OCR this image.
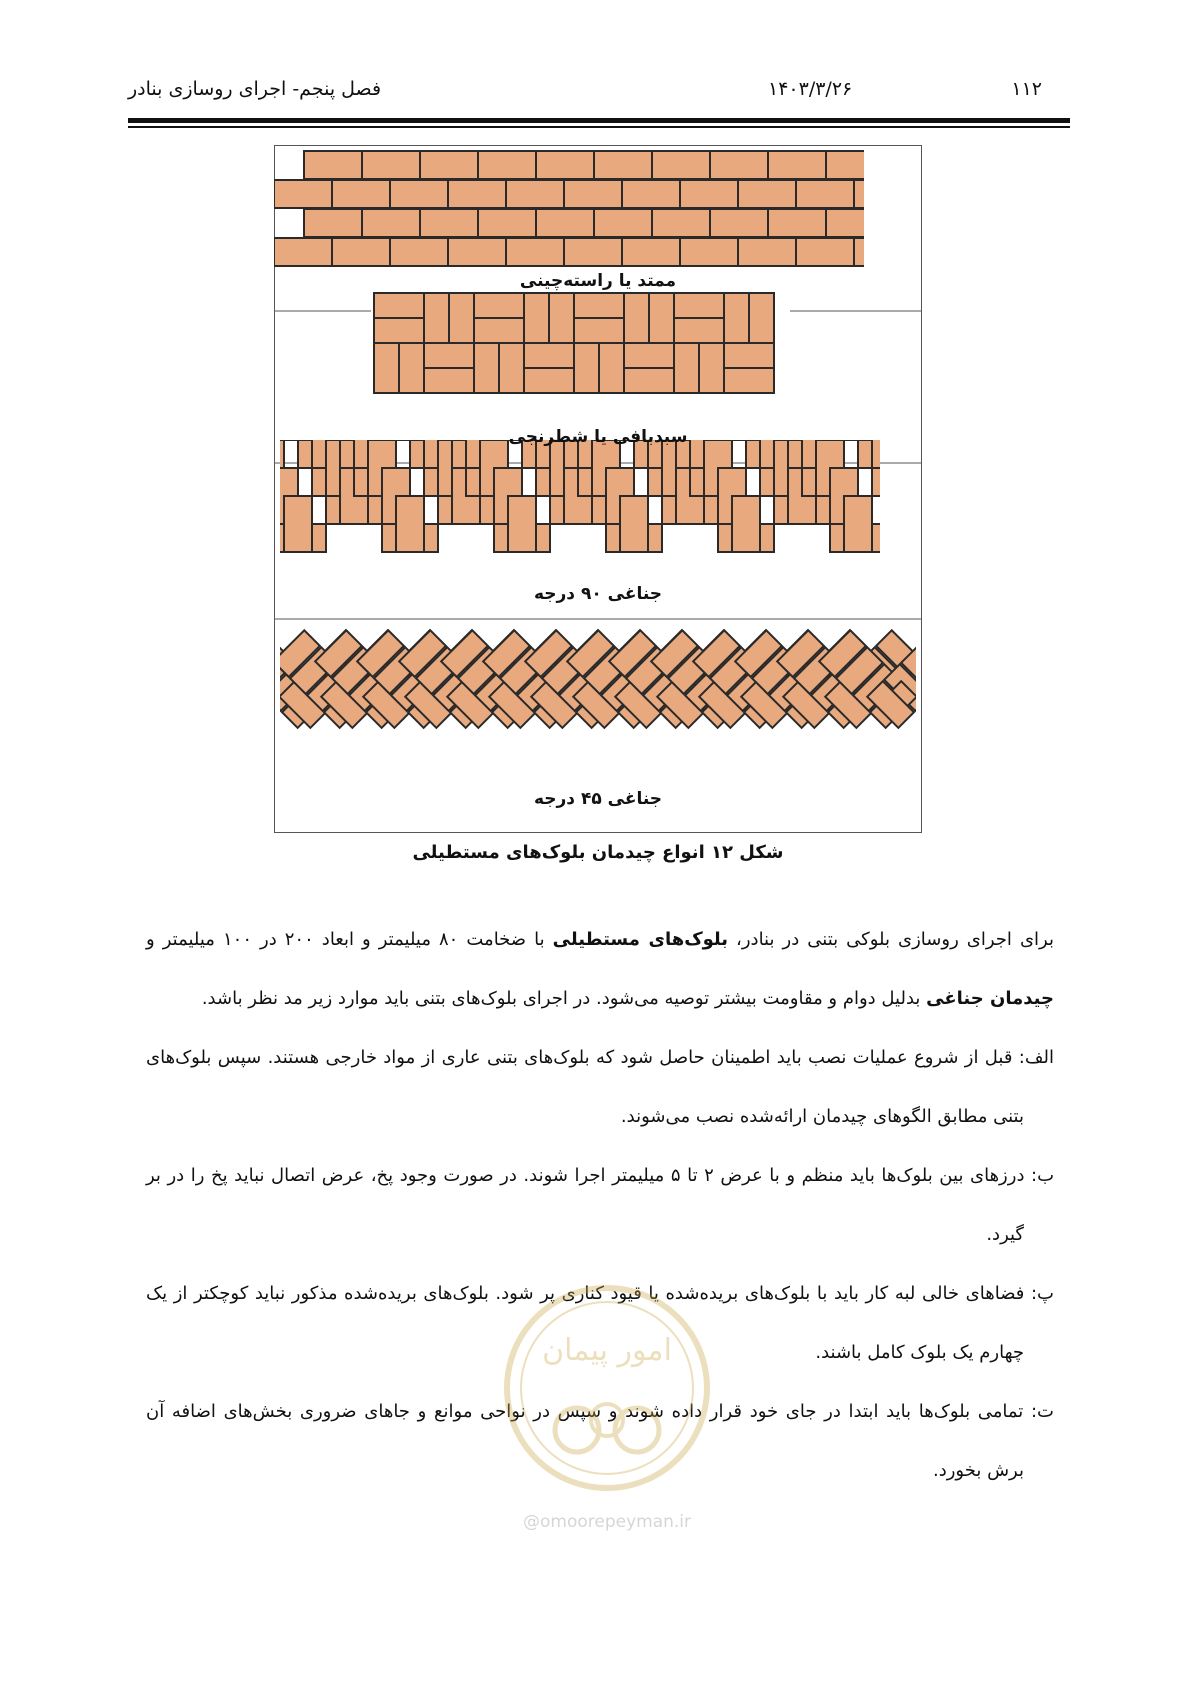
۱۱۲
۱۴۰۳/۳/۲۶
فصل پنجم- اجرای روسازی بنادر
ممتد یا راسته‌چینی
سبدبافی یا شطرنجی
جناغی ۹۰ درجه
جناغی ۴۵ درجه
شکل ۱۲ انواع چیدمان بلوک‌های مستطیلی

برای اجرای روسازی بلوکی بتنی در بنادر، بلوک‌های مستطیلی با ضخامت ۸۰ میلیمتر و ابعاد ۲۰۰ در ۱۰۰ میلیمتر و چیدمان جناغی بدلیل دوام و مقاومت بیشتر توصیه می‌شود. در اجرای بلوک‌های بتنی باید موارد زیر مد نظر باشد.

الف: قبل از شروع عملیات نصب باید اطمینان حاصل شود که بلوک‌های بتنی عاری از مواد خارجی هستند. سپس بلوک‌های بتنی مطابق الگوهای چیدمان ارائه‌شده نصب می‌شوند.

ب: درزهای بین بلوک‌ها باید منظم و با عرض ۲ تا ۵ میلیمتر اجرا شوند. در صورت وجود پخ، عرض اتصال نباید پخ را در بر گیرد.

پ: فضاهای خالی لبه کار باید با بلوک‌های بریده‌شده یا قیود کناری پر شود. بلوک‌های بریده‌شده مذکور نباید کوچکتر از یک چهارم یک بلوک کامل باشند.

ت: تمامی بلوک‌ها باید ابتدا در جای خود قرار داده شوند و سپس در نواحی موانع و جاهای ضروری بخش‌های اضافه آن برش بخورد.

امور پیمان
@omoorepeyman.ir
